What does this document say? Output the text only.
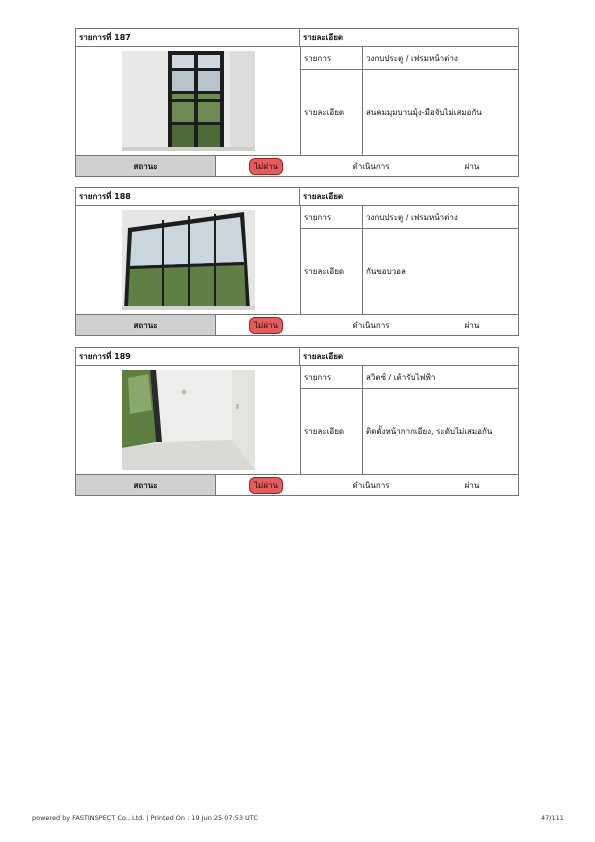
รายการที่ 187	รายละเอียด
รายการ	วงกบประตู / เฟรมหน้าต่าง
รายละเอียด	สนคมมุมบานมุ้ง-มือจับไม่เสมอกัน
สถานะ	ไม่ผ่าน	ดำเนินการ	ผ่าน
รายการที่ 188	รายละเอียด
รายการ	วงกบประตู / เฟรมหน้าต่าง
รายละเอียด	กันขอบวอล
สถานะ	ไม่ผ่าน	ดำเนินการ	ผ่าน
รายการที่ 189	รายละเอียด
รายการ	สวิตซ์ / เต้ารับไฟฟ้า
รายละเอียด	ติดตั้งหน้ากากเอียง, ระดับไม่เสมอกัน
สถานะ	ไม่ผ่าน	ดำเนินการ	ผ่าน
powered by FASTINSPECT Co., Ltd. | Printed On : 19 Jun 25 07:53 UTC	47/111
